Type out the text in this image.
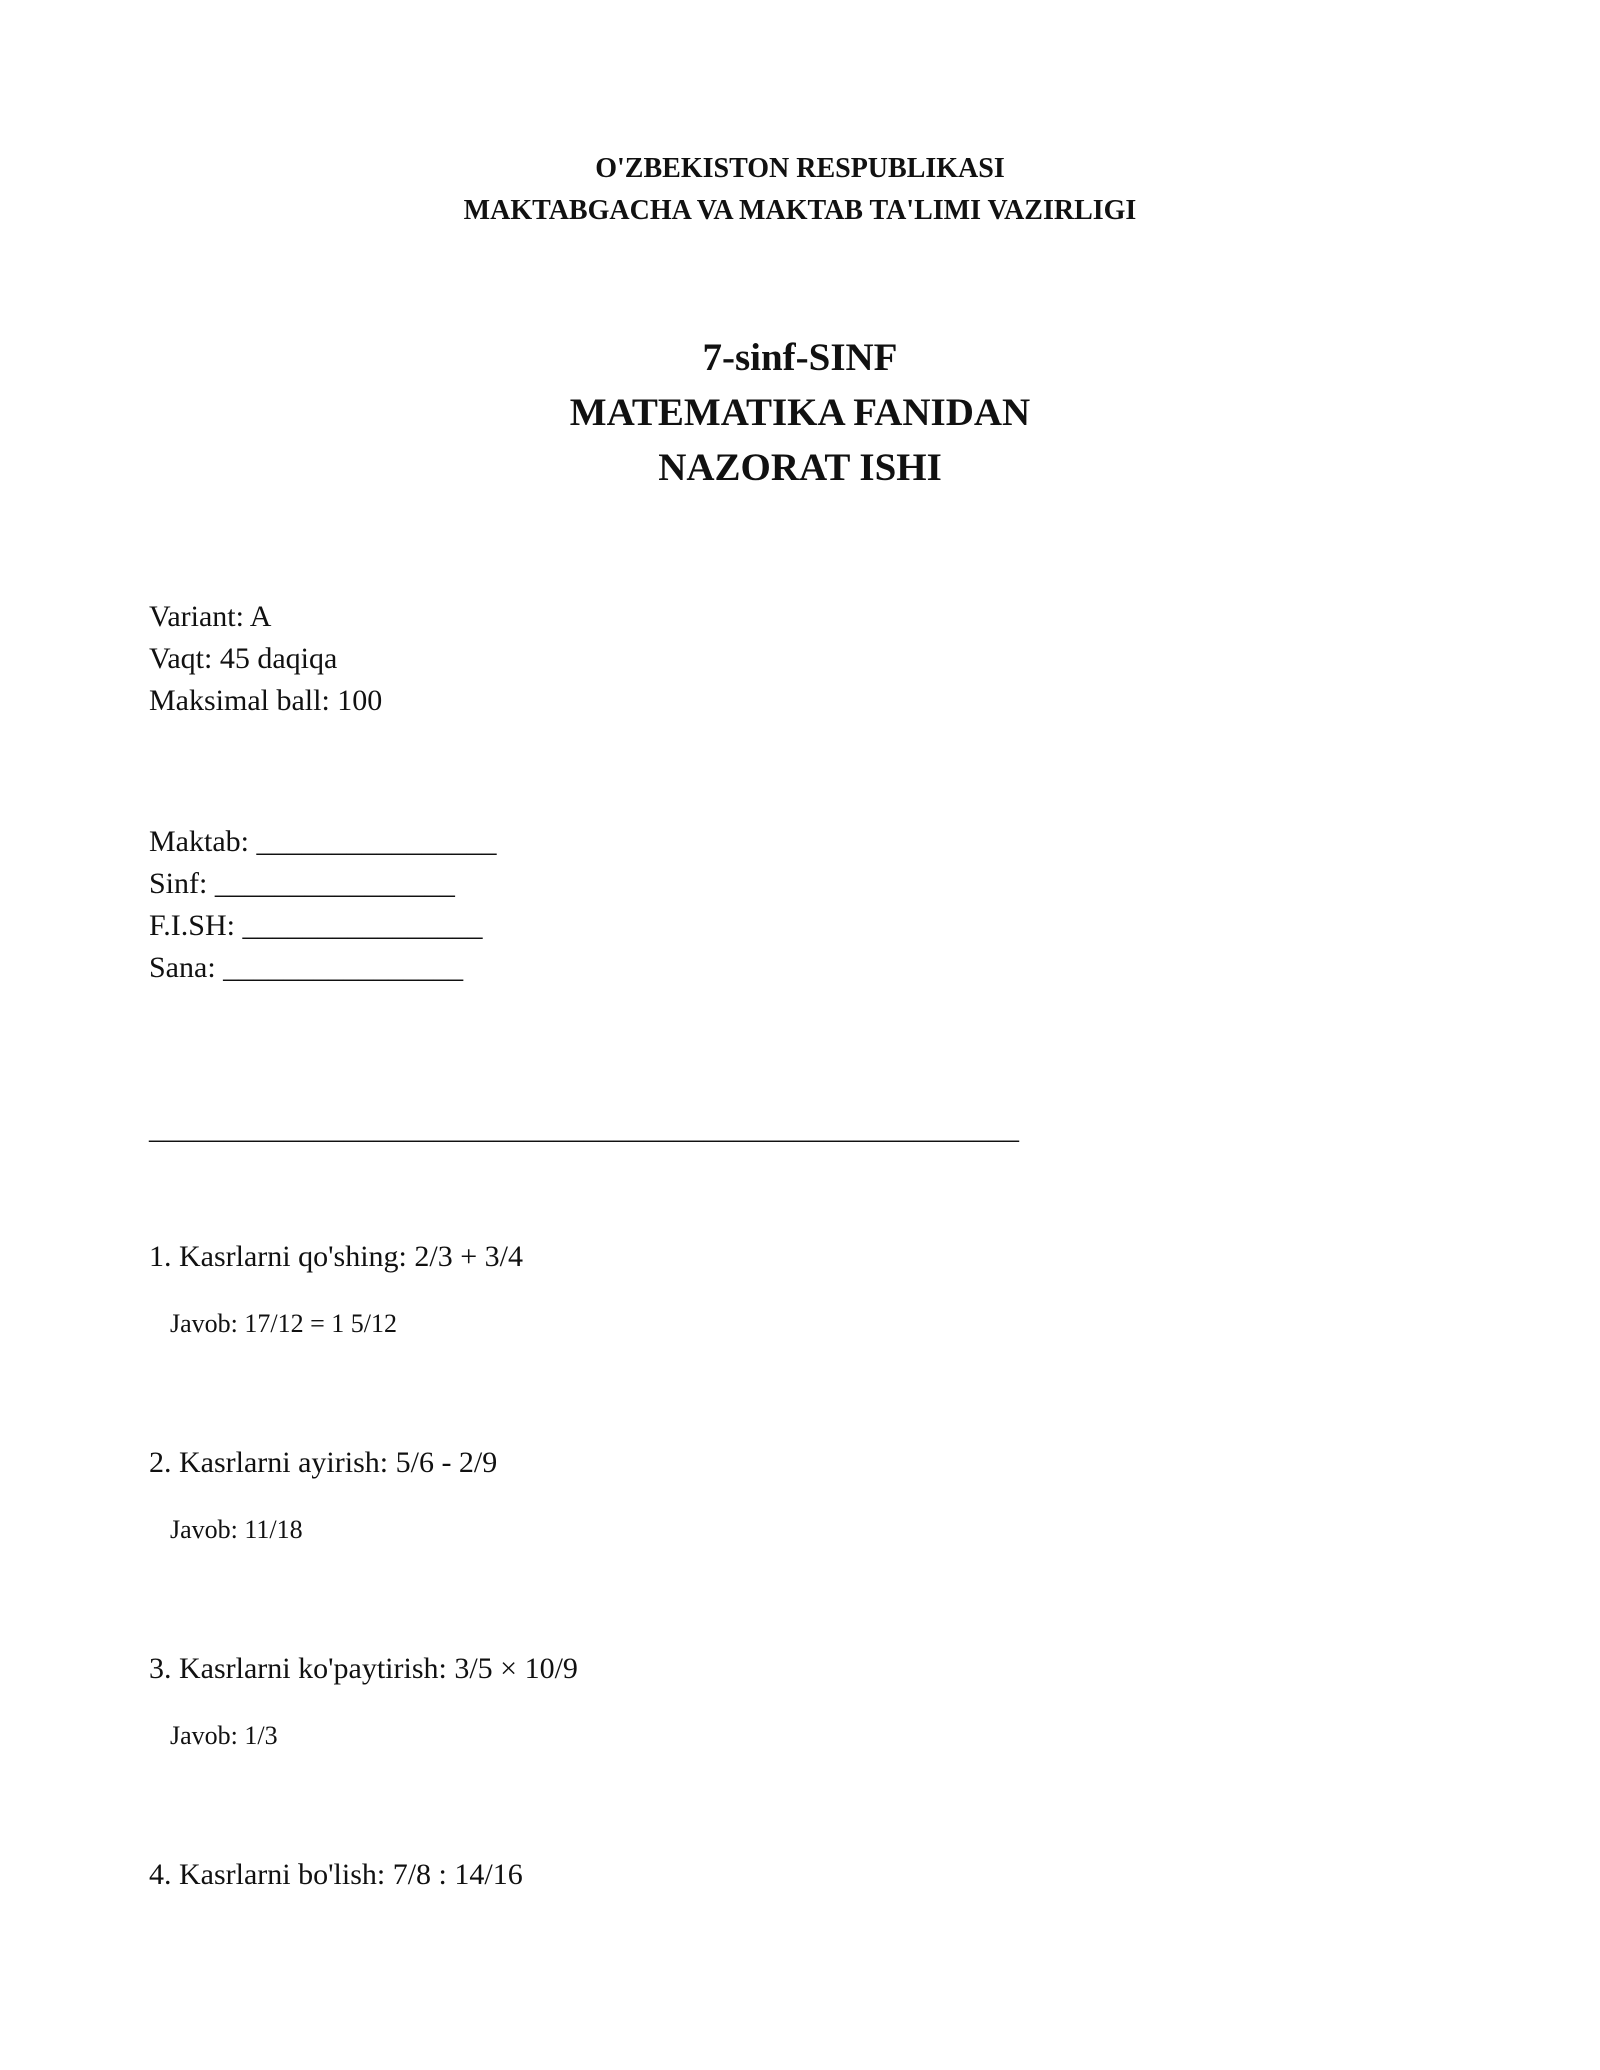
O'ZBEKISTON RESPUBLIKASI
MAKTABGACHA VA MAKTAB TA'LIMI VAZIRLIGI
7-sinf-SINF
MATEMATIKA FANIDAN
NAZORAT ISHI
Variant: A
Vaqt: 45 daqiqa
Maksimal ball: 100
Maktab: ________________
Sinf: ________________
F.I.SH: ________________
Sana: ________________
__________________________________________________________
1. Kasrlarni qo'shing: 2/3 + 3/4
Javob: 17/12 = 1 5/12
2. Kasrlarni ayirish: 5/6 - 2/9
Javob: 11/18
3. Kasrlarni ko'paytirish: 3/5 × 10/9
Javob: 1/3
4. Kasrlarni bo'lish: 7/8 : 14/16
